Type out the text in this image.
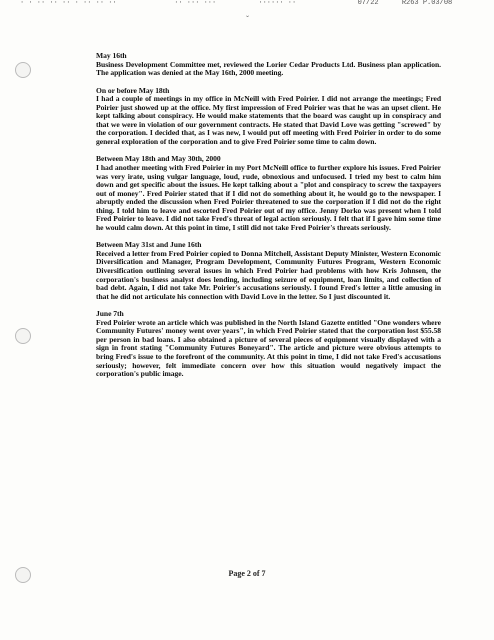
· · ·· ·· ·· · ·· ·· ··	·· ··· ···	······ ··	07/22	R263 P.03/08
ˇ
May 16th
Business Development Committee met, reviewed the Lorier Cedar Products Ltd. Business plan application. The application was denied at the May 16th, 2000 meeting.
On or before May 18th
I had a couple of meetings in my office in McNeill with Fred Poirier. I did not arrange the meetings; Fred Poirier just showed up at the office. My first impression of Fred Poirier was that he was an upset client. He kept talking about conspiracy. He would make statements that the board was caught up in conspiracy and that we were in violation of our government contracts. He stated that David Love was getting "screwed" by the corporation. I decided that, as I was new, I would put off meeting with Fred Poirier in order to do some general exploration of the corporation and to give Fred Poirier some time to calm down.
Between May 18th and May 30th, 2000
I had another meeting with Fred Poirier in my Port McNeill office to further explore his issues. Fred Poirier was very irate, using vulgar language, loud, rude, obnoxious and unfocused. I tried my best to calm him down and get specific about the issues. He kept talking about a "plot and conspiracy to screw the taxpayers out of money". Fred Poirier stated that if I did not do something about it, he would go to the newspaper. I abruptly ended the discussion when Fred Poirier threatened to sue the corporation if I did not do the right thing. I told him to leave and escorted Fred Poirier out of my office. Jenny Dorko was present when I told Fred Poirier to leave. I did not take Fred's threat of legal action seriously. I felt that if I gave him some time he would calm down. At this point in time, I still did not take Fred Poirier's threats seriously.
Between May 31st and June 16th
Received a letter from Fred Poirier copied to Donna Mitchell, Assistant Deputy Minister, Western Economic Diversification and Manager, Program Development, Community Futures Program, Western Economic Diversification outlining several issues in which Fred Poirier had problems with how Kris Johnsen, the corporation's business analyst does lending, including seizure of equipment, loan limits, and collection of bad debt. Again, I did not take Mr. Poirier's accusations seriously. I found Fred's letter a little amusing in that he did not articulate his connection with David Love in the letter. So I just discounted it.
June 7th
Fred Poirier wrote an article which was published in the North Island Gazette entitled "One wonders where Community Futures' money went over years", in which Fred Poirier stated that the corporation lost $55.58 per person in bad loans. I also obtained a picture of several pieces of equipment visually displayed with a sign in front stating "Community Futures Boneyard". The article and picture were obvious attempts to bring Fred's issue to the forefront of the community. At this point in time, I did not take Fred's accusations seriously; however, felt immediate concern over how this situation would negatively impact the corporation's public image.
Page 2 of 7
